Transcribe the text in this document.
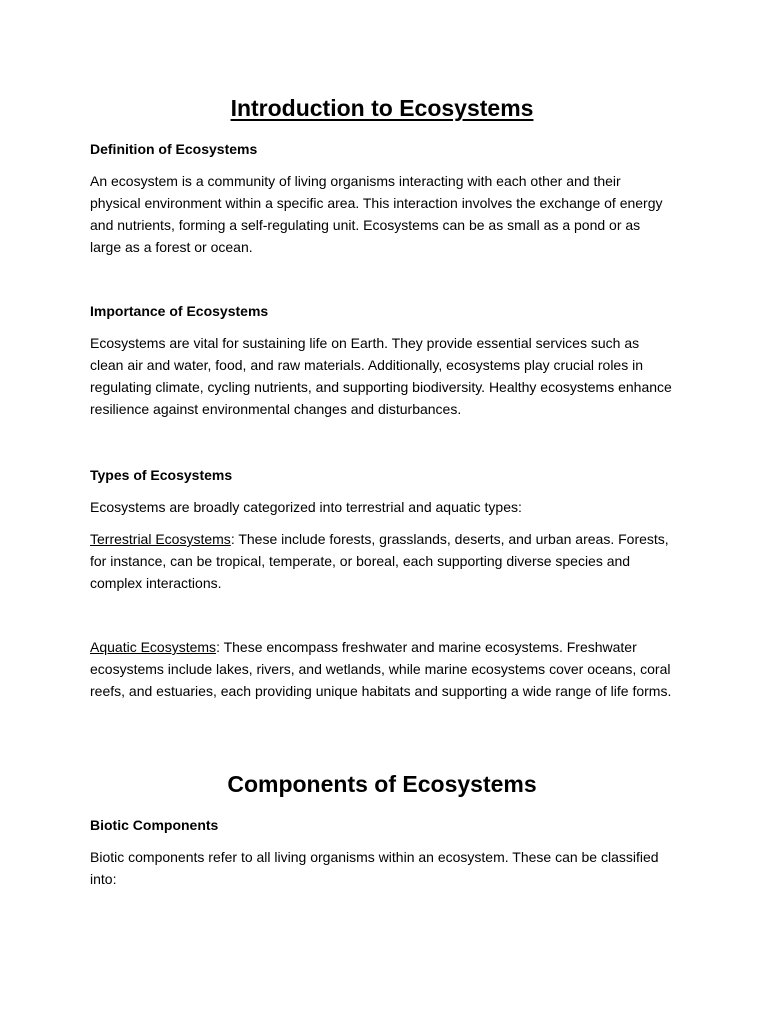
Introduction to Ecosystems
Definition of Ecosystems

An ecosystem is a community of living organisms interacting with each other and their physical environment within a specific area. This interaction involves the exchange of energy and nutrients, forming a self-regulating unit. Ecosystems can be as small as a pond or as large as a forest or ocean.

Importance of Ecosystems

Ecosystems are vital for sustaining life on Earth. They provide essential services such as clean air and water, food, and raw materials. Additionally, ecosystems play crucial roles in regulating climate, cycling nutrients, and supporting biodiversity. Healthy ecosystems enhance resilience against environmental changes and disturbances.

Types of Ecosystems

Ecosystems are broadly categorized into terrestrial and aquatic types:

Terrestrial Ecosystems: These include forests, grasslands, deserts, and urban areas. Forests, for instance, can be tropical, temperate, or boreal, each supporting diverse species and complex interactions.

Aquatic Ecosystems: These encompass freshwater and marine ecosystems. Freshwater ecosystems include lakes, rivers, and wetlands, while marine ecosystems cover oceans, coral reefs, and estuaries, each providing unique habitats and supporting a wide range of life forms.

Components of Ecosystems
Biotic Components

Biotic components refer to all living organisms within an ecosystem. These can be classified into:
